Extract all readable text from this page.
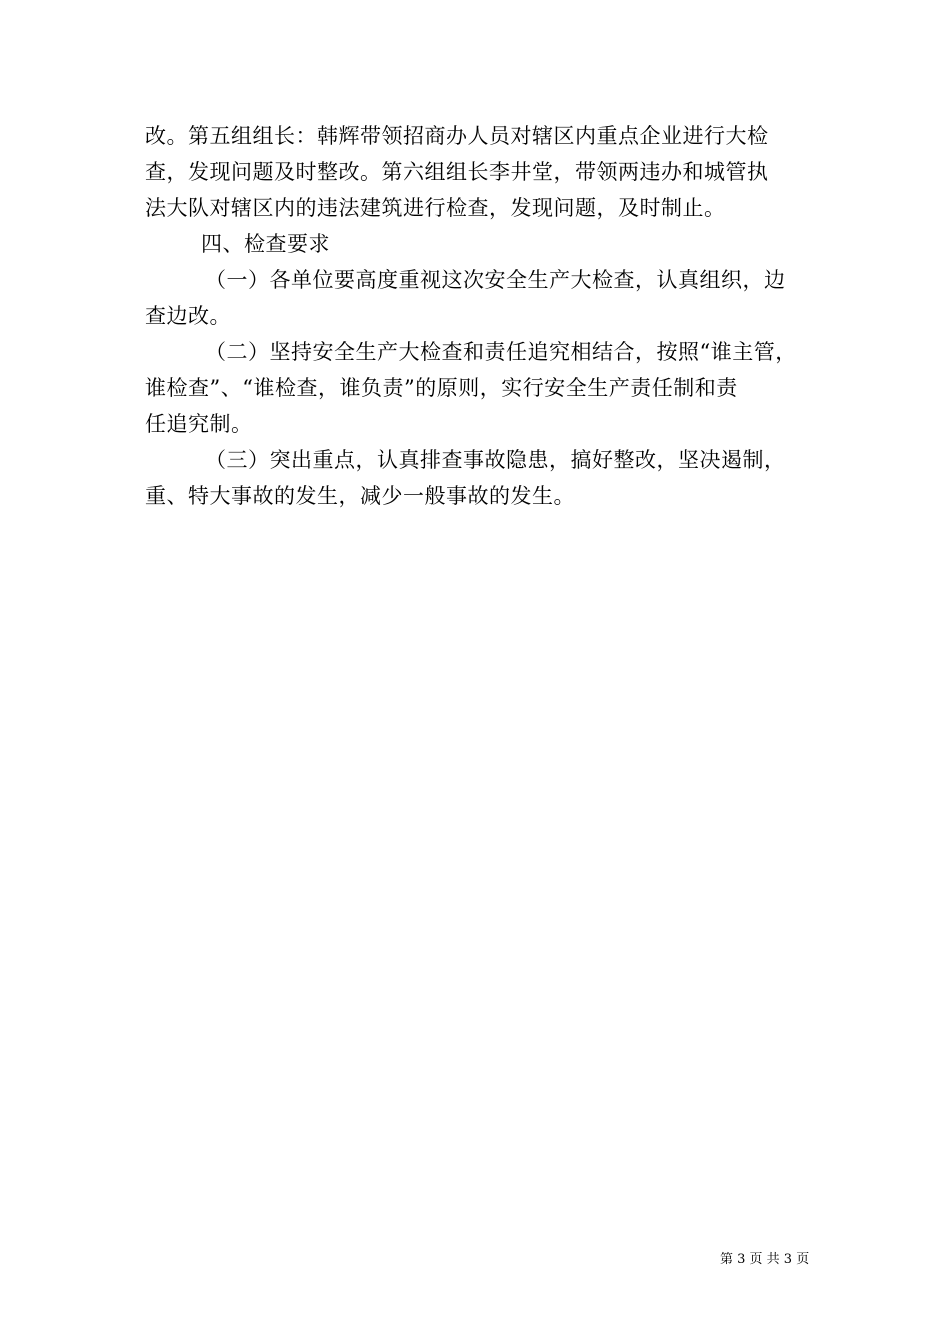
改。第五组组长：韩辉带领招商办人员对辖区内重点企业进行大检
查，发现问题及时整改。第六组组长李井堂，带领两违办和城管执
法大队对辖区内的违法建筑进行检查，发现问题，及时制止。
四、检查要求
（一）各单位要高度重视这次安全生产大检查，认真组织，边
查边改。
（二）坚持安全生产大检查和责任追究相结合，按照“谁主管，
谁检查”、“谁检查，谁负责”的原则，实行安全生产责任制和责
任追究制。
（三）突出重点，认真排查事故隐患，搞好整改，坚决遏制，
重、特大事故的发生，减少一般事故的发生。
第 3 页 共 3 页
